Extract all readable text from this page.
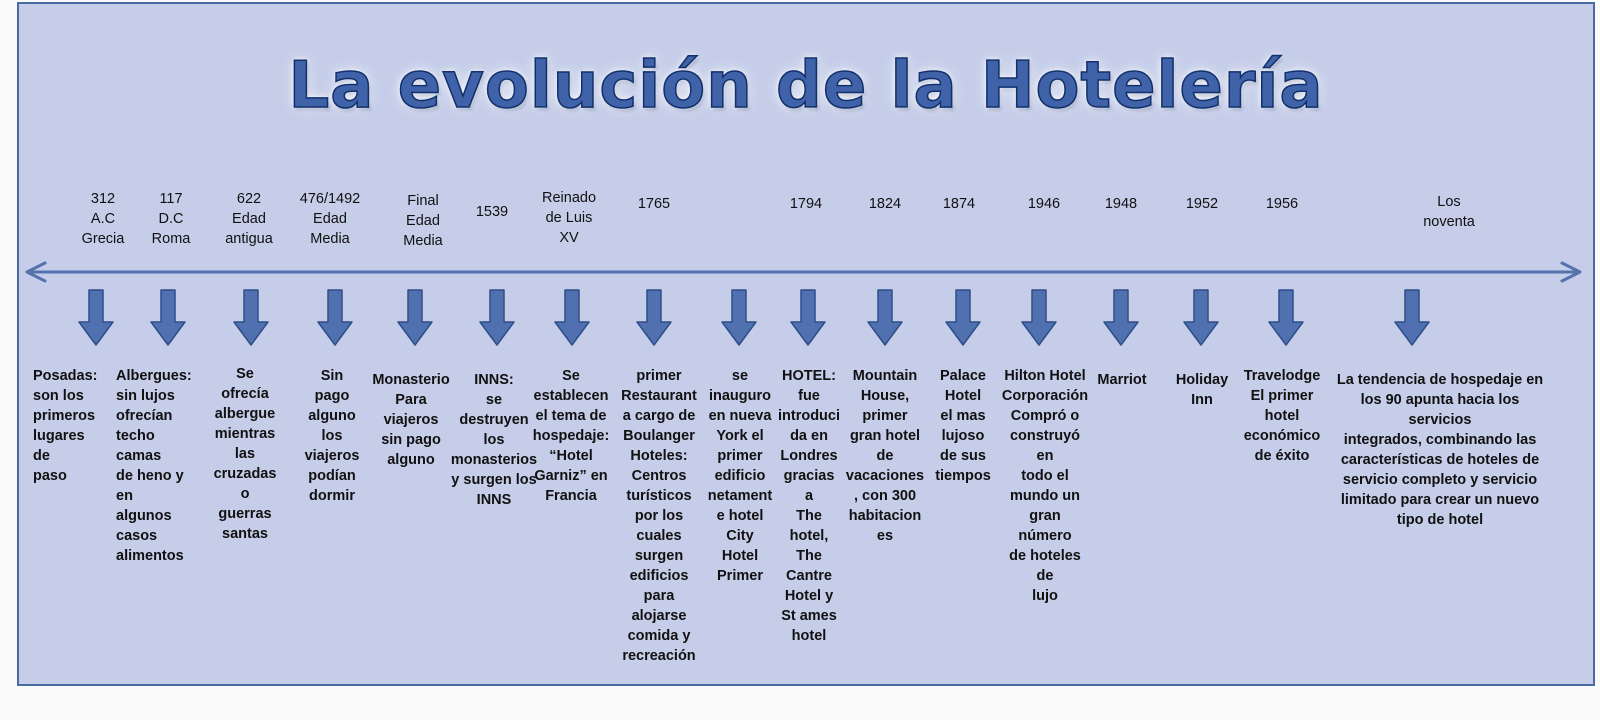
La evolución de la Hotelería
312 A.C
Grecia
Posadas:
son los
primeros
lugares de
paso
117 D.C
Roma
Albergues:
sin lujos
ofrecían
techo camas
de heno y
en algunos
casos
alimentos
622
Edad
antigua
Se ofrecía
albergue
mientras
las
cruzadas o
guerras
santas
476/1492
Edad Media
Sin pago
alguno los
viajeros
podían
dormir
Final
Edad Media
Monasterio
Para
viajeros
sin pago
alguno
1539
INNS:
se destruyen
los
monasterios
y surgen los
INNS
Reinado
de Luis XV
Se
establecen
el tema de
hospedaje:
“Hotel
Garniz” en
Francia
1765
primer
Restaurant
a cargo de
Boulanger
Hoteles:
Centros
turísticos
por los
cuales
surgen
edificios
para
alojarse
comida y
recreación
se
inauguro
en nueva
York el
primer
edificio
netament
e hotel
City Hotel
Primer
1794
HOTEL:
fue
introduci
da en
Londres
gracias a
The
hotel,
The
Cantre
Hotel y
St ames
hotel
1824
Mountain
House,
primer
gran hotel
de
vacaciones
, con 300
habitacion
es
1874
Palace
Hotel
el mas
lujoso
de sus
tiempos
1946
Hilton Hotel
Corporación
Compró o
construyó en
todo el
mundo un
gran número
de hoteles de
lujo
1948
Marriot
1952
Holiday Inn
1956
Travelodge
El primer
hotel
económico
de éxito
Los noventa
La tendencia de hospedaje en
los 90 apunta hacia los servicios
integrados, combinando las
características de hoteles de
servicio completo y servicio
limitado para crear un nuevo
tipo de hotel
